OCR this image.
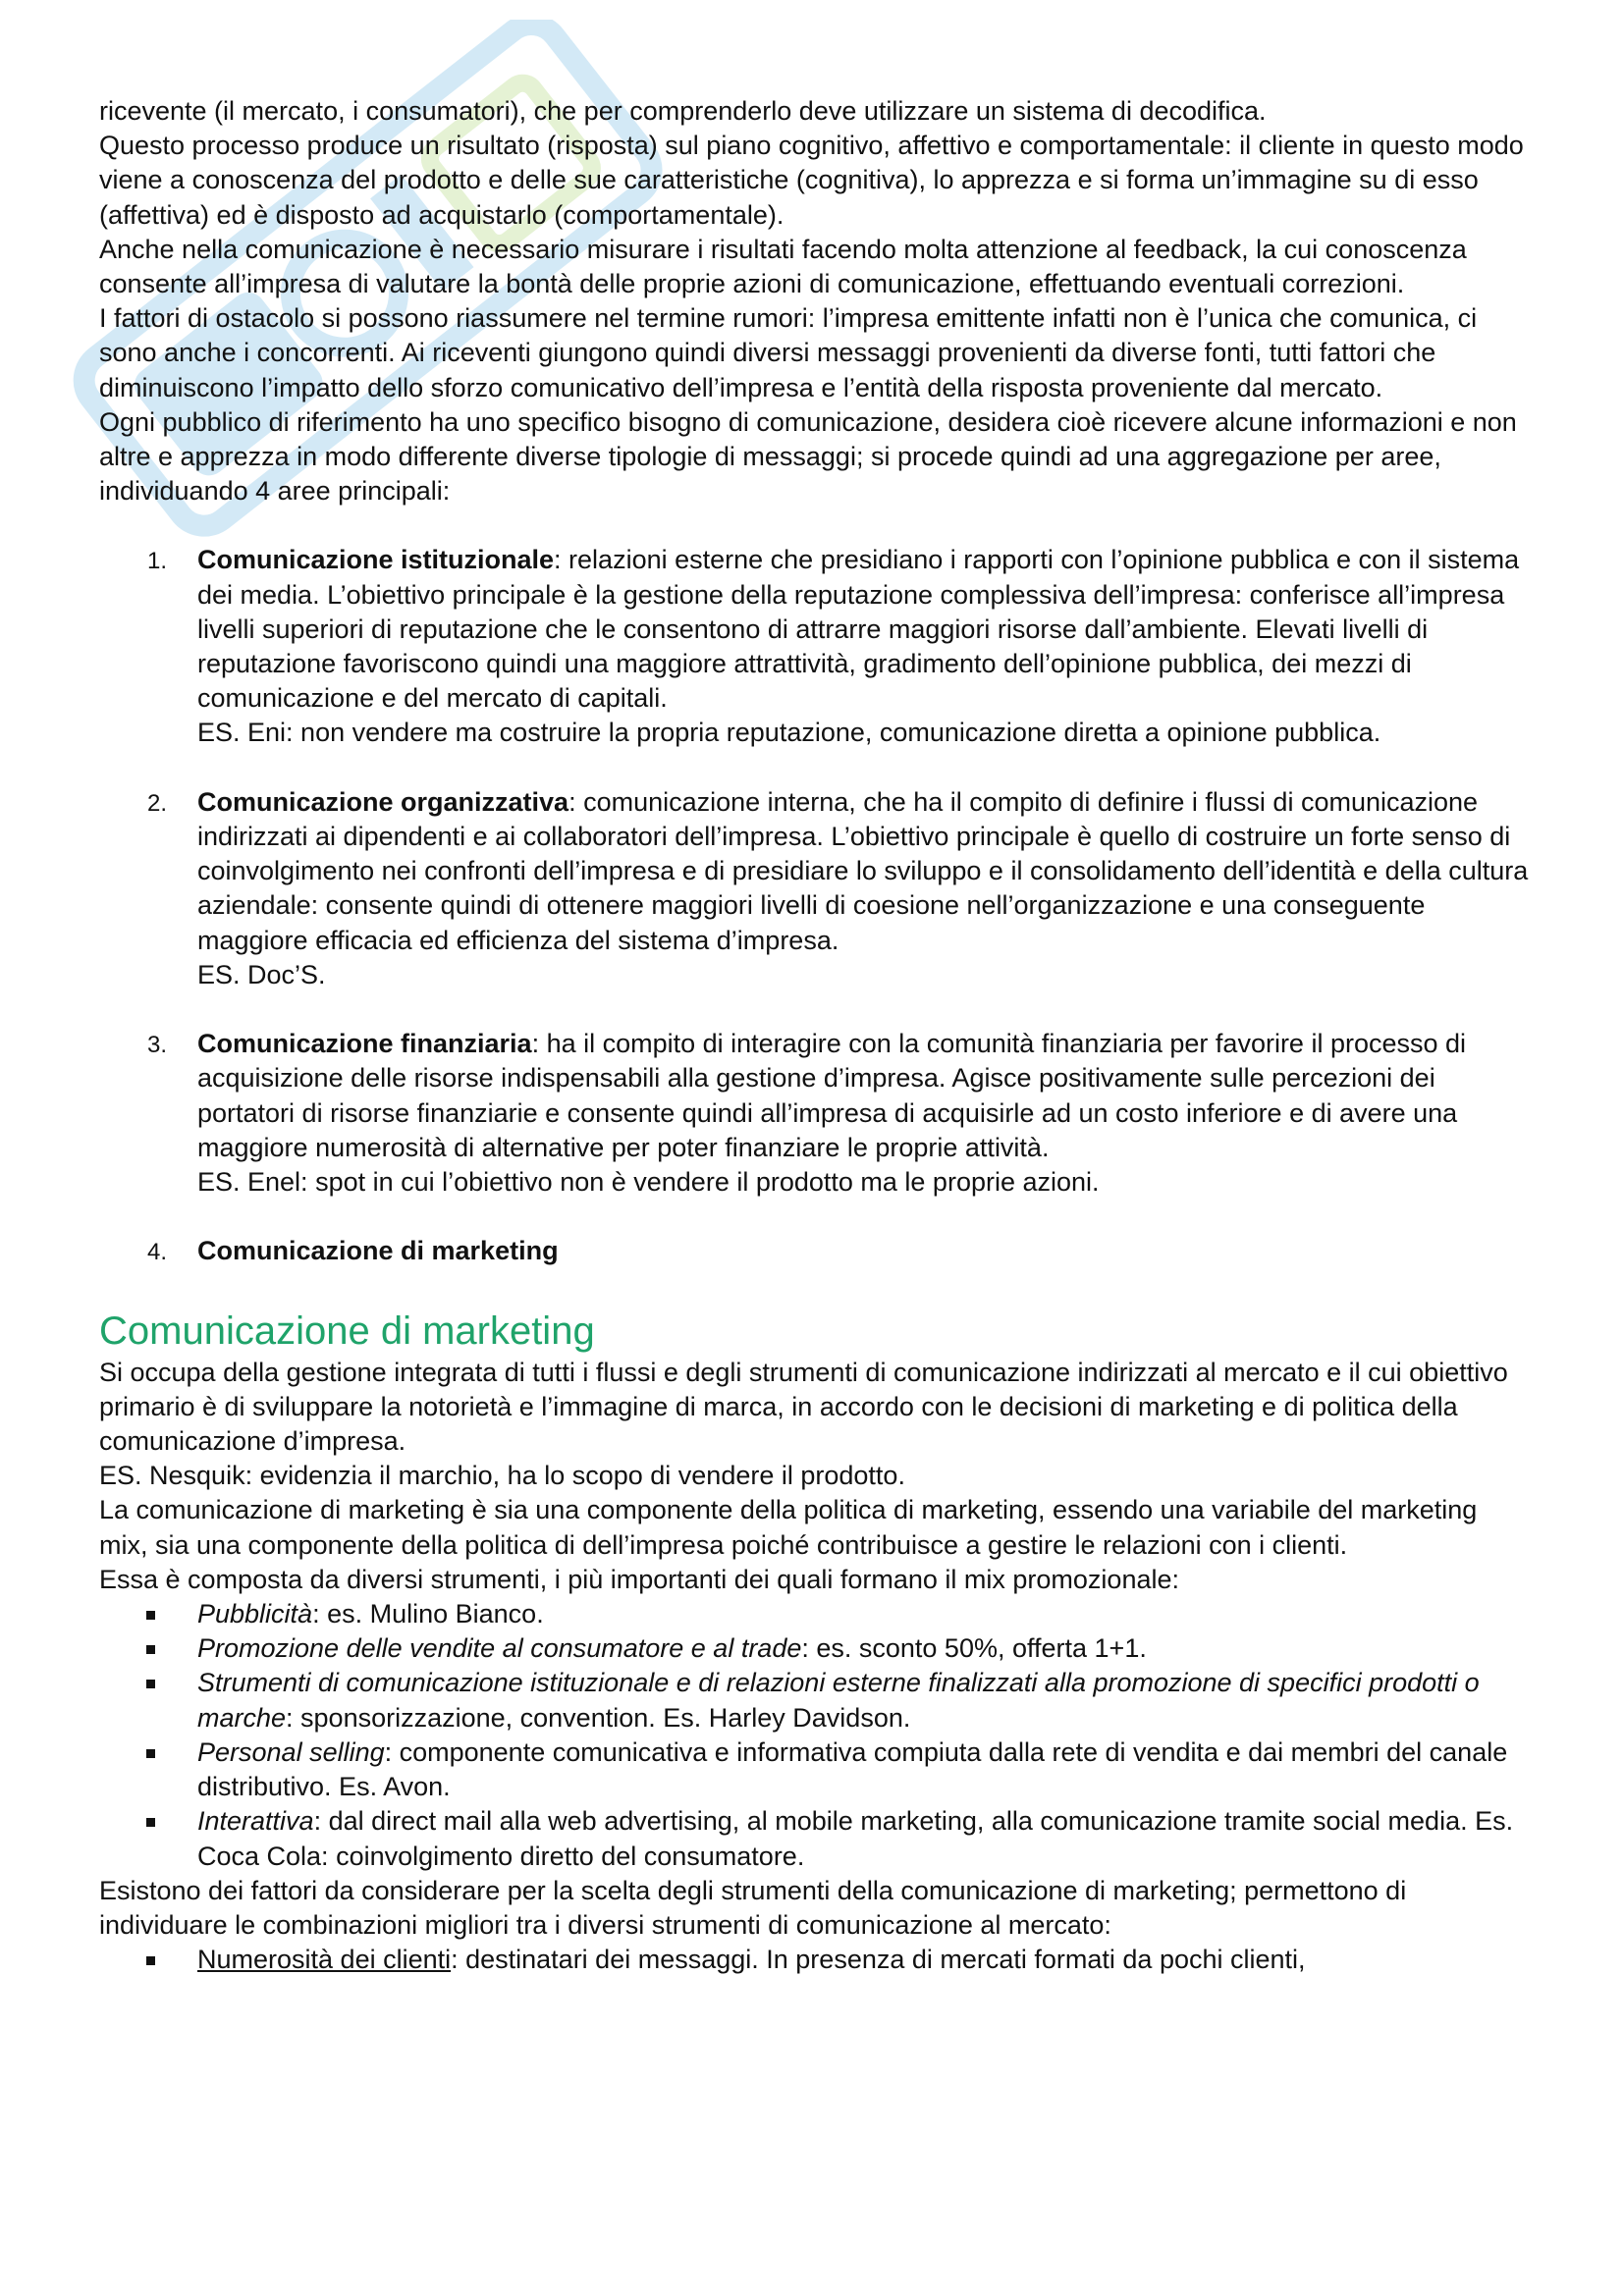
ricevente (il mercato, i consumatori), che per comprenderlo deve utilizzare un sistema di decodifica.

Questo processo produce un risultato (risposta) sul piano cognitivo, affettivo e comportamentale: il cliente in questo modo viene a conoscenza del prodotto e delle sue caratteristiche (cognitiva), lo apprezza e si forma un’immagine su di esso (affettiva) ed è disposto ad acquistarlo (comportamentale).

Anche nella comunicazione è necessario misurare i risultati facendo molta attenzione al feedback, la cui conoscenza consente all’impresa di valutare la bontà delle proprie azioni di comunicazione, effettuando eventuali correzioni.

I fattori di ostacolo si possono riassumere nel termine rumori: l’impresa emittente infatti non è l’unica che comunica, ci sono anche i concorrenti. Ai riceventi giungono quindi diversi messaggi provenienti da diverse fonti, tutti fattori che diminuiscono l’impatto dello sforzo comunicativo dell’impresa e l’entità della risposta proveniente dal mercato.

Ogni pubblico di riferimento ha uno specifico bisogno di comunicazione, desidera cioè ricevere alcune informazioni e non altre e apprezza in modo differente diverse tipologie di messaggi; si procede quindi ad una aggregazione per aree, individuando 4 aree principali:

1. Comunicazione istituzionale: relazioni esterne che presidiano i rapporti con l’opinione pubblica e con il sistema dei media. L’obiettivo principale è la gestione della reputazione complessiva dell’impresa: conferisce all’impresa livelli superiori di reputazione che le consentono di attrarre maggiori risorse dall’ambiente. Elevati livelli di reputazione favoriscono quindi una maggiore attrattività, gradimento dell’opinione pubblica, dei mezzi di comunicazione e del mercato di capitali.

ES. Eni: non vendere ma costruire la propria reputazione, comunicazione diretta a opinione pubblica.

2. Comunicazione organizzativa: comunicazione interna, che ha il compito di definire i flussi di comunicazione indirizzati ai dipendenti e ai collaboratori dell’impresa. L’obiettivo principale è quello di costruire un forte senso di coinvolgimento nei confronti dell’impresa e di presidiare lo sviluppo e il consolidamento dell’identità e della cultura aziendale: consente quindi di ottenere maggiori livelli di coesione nell’organizzazione e una conseguente maggiore efficacia ed efficienza del sistema d’impresa.

ES. Doc’S.

3. Comunicazione finanziaria: ha il compito di interagire con la comunità finanziaria per favorire il processo di acquisizione delle risorse indispensabili alla gestione d’impresa. Agisce positivamente sulle percezioni dei portatori di risorse finanziarie e consente quindi all’impresa di acquisirle ad un costo inferiore e di avere una maggiore numerosità di alternative per poter finanziare le proprie attività.

ES. Enel: spot in cui l’obiettivo non è vendere il prodotto ma le proprie azioni.

4. Comunicazione di marketing

Comunicazione di marketing

Si occupa della gestione integrata di tutti i flussi e degli strumenti di comunicazione indirizzati al mercato e il cui obiettivo primario è di sviluppare la notorietà e l’immagine di marca, in accordo con le decisioni di marketing e di politica della comunicazione d’impresa.

ES. Nesquik: evidenzia il marchio, ha lo scopo di vendere il prodotto.

La comunicazione di marketing è sia una componente della politica di marketing, essendo una variabile del marketing mix, sia una componente della politica di dell’impresa poiché contribuisce a gestire le relazioni con i clienti.

Essa è composta da diversi strumenti, i più importanti dei quali formano il mix promozionale:

Pubblicità: es. Mulino Bianco.
Promozione delle vendite al consumatore e al trade: es. sconto 50%, offerta 1+1.
Strumenti di comunicazione istituzionale e di relazioni esterne finalizzati alla promozione di specifici prodotti o marche: sponsorizzazione, convention. Es. Harley Davidson.
Personal selling: componente comunicativa e informativa compiuta dalla rete di vendita e dai membri del canale distributivo. Es. Avon.
Interattiva: dal direct mail alla web advertising, al mobile marketing, alla comunicazione tramite social media. Es. Coca Cola: coinvolgimento diretto del consumatore.

Esistono dei fattori da considerare per la scelta degli strumenti della comunicazione di marketing; permettono di individuare le combinazioni migliori tra i diversi strumenti di comunicazione al mercato:

Numerosità dei clienti: destinatari dei messaggi. In presenza di mercati formati da pochi clienti,
